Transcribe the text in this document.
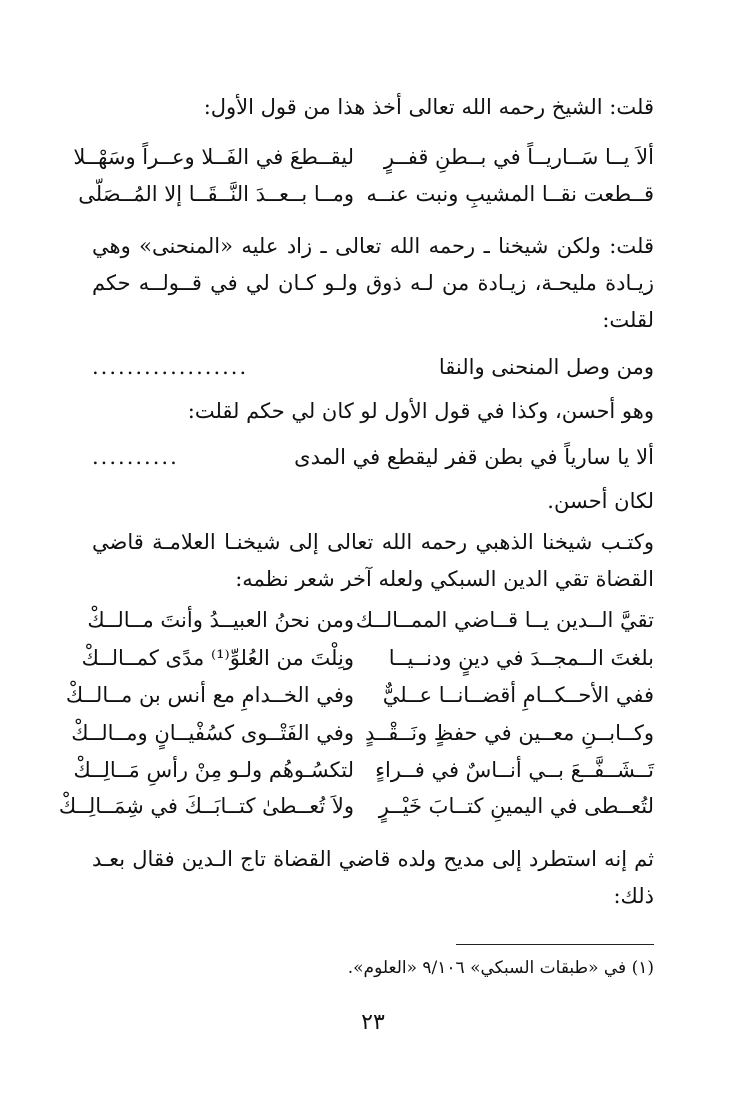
قلت: الشيخ رحمه الله تعالى أخذ هذا من قول الأول:
ألاَ يــا سَــاريــاً في بــطنِ قفــرٍ
ليقــطعَ في الفَــلا وعــراً وسَهْــلا
قــطعت نقــا المشيبِ ونبت عنــه
ومــا بــعــدَ النَّــقَــا إلا المُــصَلّى
قلت: ولكن شيخنا ـ رحمه الله تعالى ـ زاد عليه «المنحنى» وهي زيـادة مليحـة، زيـادة من لـه ذوق ولـو كـان لي في قــولــه حكم لقلت:
ومن وصل المنحنى والنقا
..................
وهو أحسن، وكذا في قول الأول لو كان لي حكم لقلت:
ألا يا سارياً في بطن قفر ليقطع في المدى
..........
لكان أحسن.
وكتـب شيخنا الذهبي رحمه الله تعالى إلى شيخنـا العلامـة قاضي القضاة تقي الدين السبكي ولعله آخر شعر نظمه:
تقيَّ الــدين يــا قــاضي الممــالــك
ومن نحنُ العبيــدُ وأنتَ مــالــكْ
بلغتَ الــمجــدَ في دينٍ ودنــيــا
ونِلْتَ من العُلوِّ⁽¹⁾ مدًى كمــالــكْ
ففي الأحــكــامِ أقضــانــا عــليٌّ
وفي الخــدامِ مع أنس بن مــالــكْ
وكــابــنِ معــين في حفظٍ ونَــقْــدٍ
وفي الفَتْــوى كسُفْيــانٍ ومــالــكْ
تَــشَــفَّــعَ بــي أنــاسٌ في فــراءٍ
لتكسُـوهُم ولـو مِنْ رأسِ مَــالِــكْ
لتُعــطى في اليمينِ كتــابَ خَيْــرٍ
ولاَ تُعــطىٰ كتــابَــكَ في شِمَــالِــكْ
ثم إنه استطرد إلى مديح ولده قاضي القضاة تاج الـدين فقال بعـد ذلك:
(١) في «طبقات السبكي» ٩/١٠٦ «العلوم».
٢٣
